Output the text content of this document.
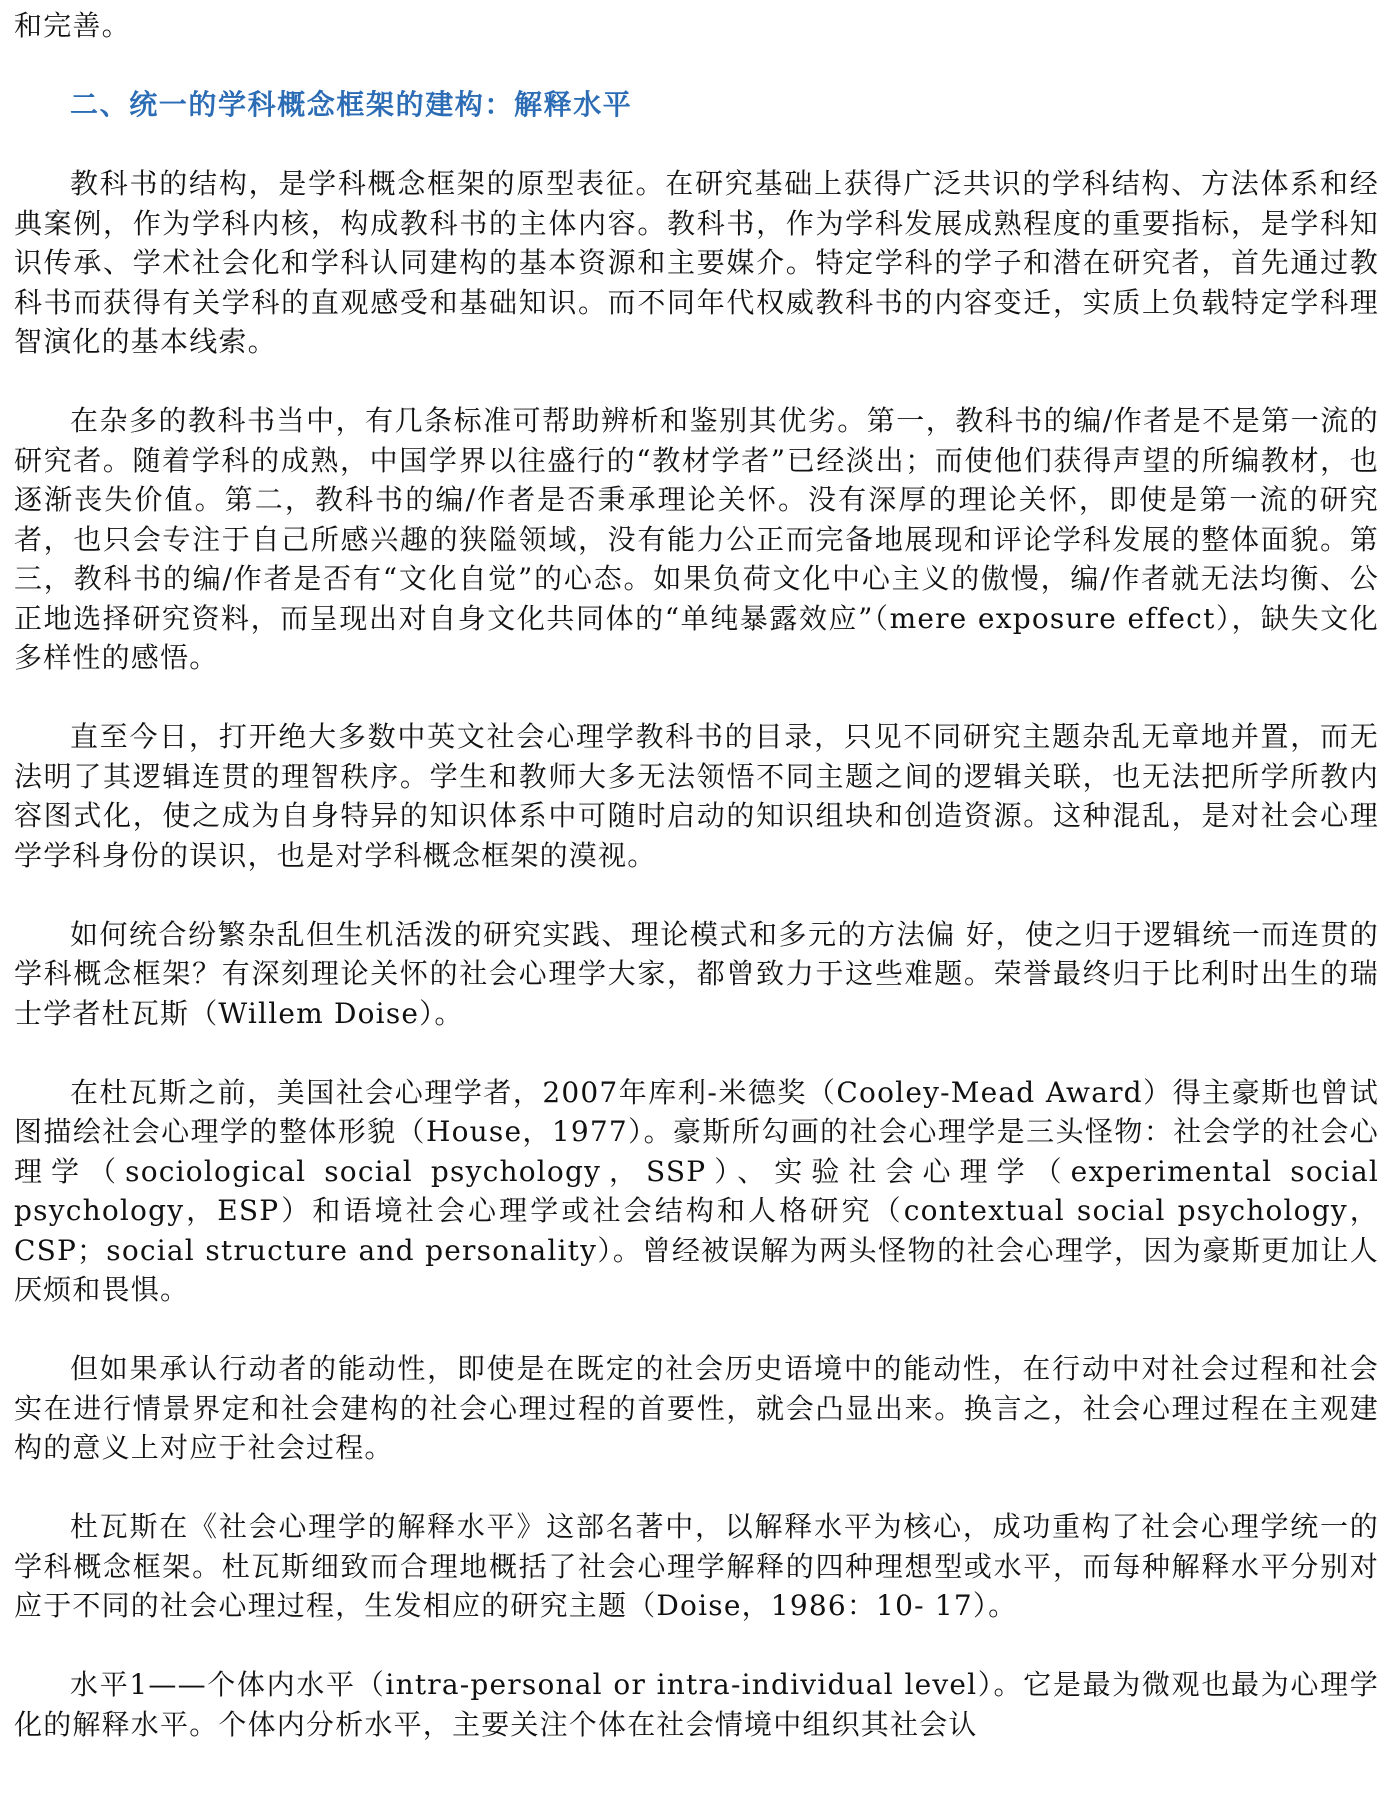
和完善。

二、统一的学科概念框架的建构：解释水平

教科书的结构，是学科概念框架的原型表征。在研究基础上获得广泛共识的学科结构、方法体系和经典案例，作为学科内核，构成教科书的主体内容。教科书，作为学科发展成熟程度的重要指标，是学科知识传承、学术社会化和学科认同建构的基本资源和主要媒介。特定学科的学子和潜在研究者，首先通过教科书而获得有关学科的直观感受和基础知识。而不同年代权威教科书的内容变迁，实质上负载特定学科理智演化的基本线索。

在杂多的教科书当中，有几条标准可帮助辨析和鉴别其优劣。第一，教科书的编/作者是不是第一流的研究者。随着学科的成熟，中国学界以往盛行的“教材学者”已经淡出；而使他们获得声望的所编教材，也逐渐丧失价值。第二，教科书的编/作者是否秉承理论关怀。没有深厚的理论关怀，即使是第一流的研究者，也只会专注于自己所感兴趣的狭隘领域，没有能力公正而完备地展现和评论学科发展的整体面貌。第三，教科书的编/作者是否有“文化自觉”的心态。如果负荷文化中心主义的傲慢，编/作者就无法均衡、公正地选择研究资料，而呈现出对自身文化共同体的“单纯暴露效应”（mere exposure effect），缺失文化多样性的感悟。

直至今日，打开绝大多数中英文社会心理学教科书的目录，只见不同研究主题杂乱无章地并置，而无法明了其逻辑连贯的理智秩序。学生和教师大多无法领悟不同主题之间的逻辑关联，也无法把所学所教内容图式化，使之成为自身特异的知识体系中可随时启动的知识组块和创造资源。这种混乱，是对社会心理学学科身份的误识，也是对学科概念框架的漠视。

如何统合纷繁杂乱但生机活泼的研究实践、理论模式和多元的方法偏 好，使之归于逻辑统一而连贯的学科概念框架？有深刻理论关怀的社会心理学大家，都曾致力于这些难题。荣誉最终归于比利时出生的瑞士学者杜瓦斯（Willem Doise）。

在杜瓦斯之前，美国社会心理学者，2007年库利-米德奖（Cooley-Mead Award）得主豪斯也曾试图描绘社会心理学的整体形貌（House，1977）。豪斯所勾画的社会心理学是三头怪物：社会学的社会心理学（sociological social psychology，SSP）、实验社会心理学（experimental social psychology，ESP）和语境社会心理学或社会结构和人格研究（contextual social psychology，CSP；social structure and personality）。曾经被误解为两头怪物的社会心理学，因为豪斯更加让人厌烦和畏惧。

但如果承认行动者的能动性，即使是在既定的社会历史语境中的能动性，在行动中对社会过程和社会实在进行情景界定和社会建构的社会心理过程的首要性，就会凸显出来。换言之，社会心理过程在主观建构的意义上对应于社会过程。

杜瓦斯在《社会心理学的解释水平》这部名著中，以解释水平为核心，成功重构了社会心理学统一的学科概念框架。杜瓦斯细致而合理地概括了社会心理学解释的四种理想型或水平，而每种解释水平分别对应于不同的社会心理过程，生发相应的研究主题（Doise，1986：10- 17）。

水平1——个体内水平（intra-personal or intra-individual level）。它是最为微观也最为心理学化的解释水平。个体内分析水平，主要关注个体在社会情境中组织其社会认
